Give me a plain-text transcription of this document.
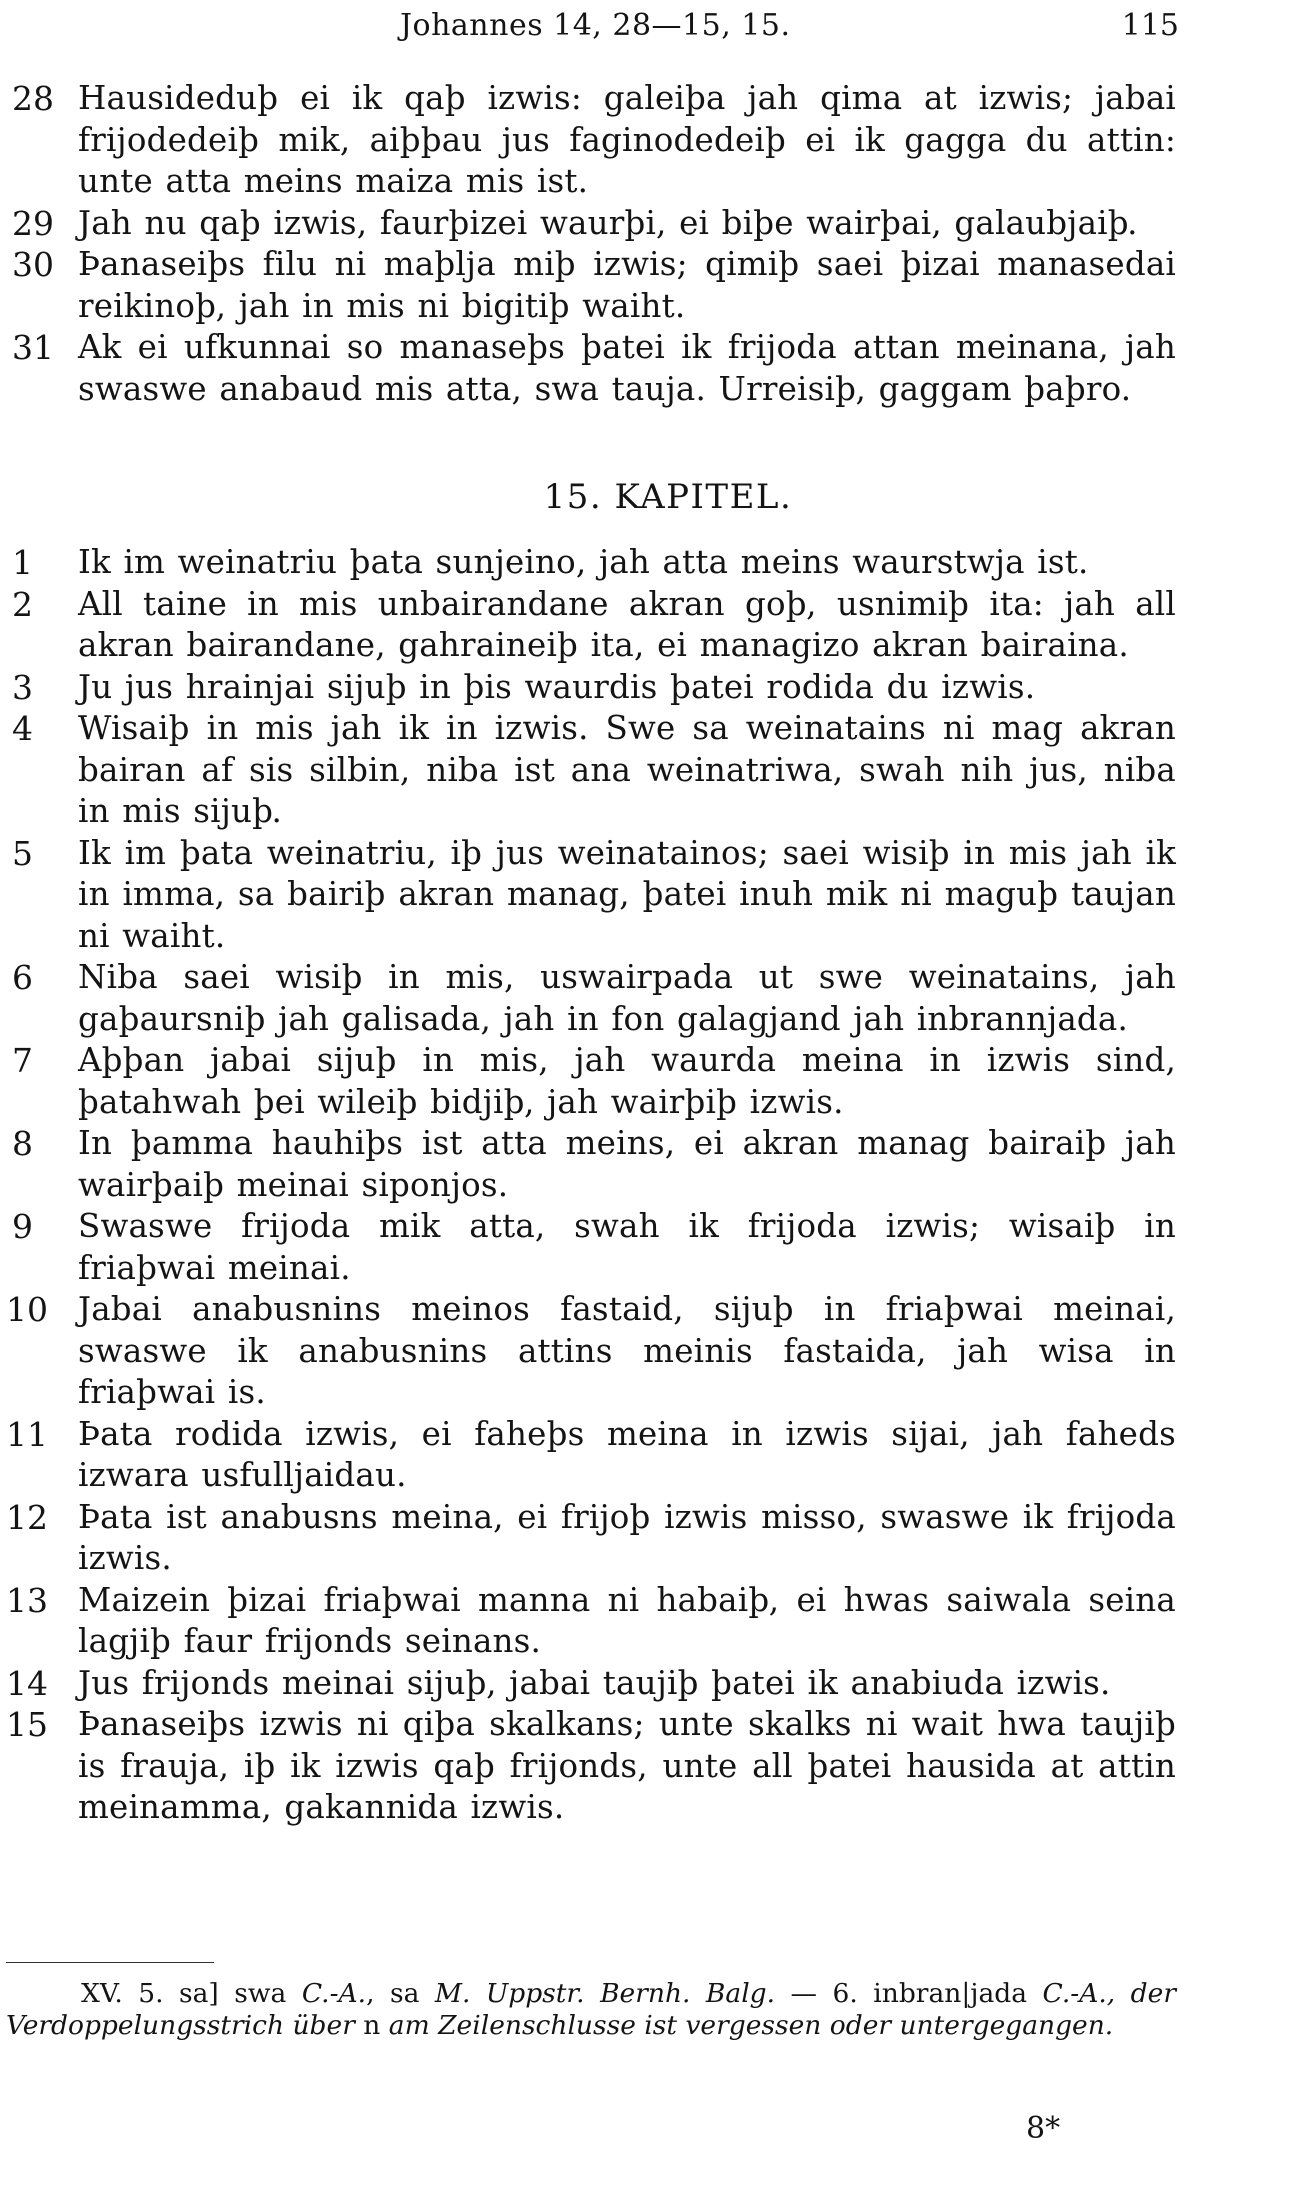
Johannes 14, 28—15, 15.	115
28 Hausideduþ ei ik qaþ izwis: galeiþa jah qima at izwis; jabai frijodedeiþ mik, aiþþau jus faginodedeiþ ei ik gagga du attin: unte atta meins maiza mis ist.
29 Jah nu qaþ izwis, faurþizei waurþi, ei biþe wairþai, galaubjaiþ.
30 Þanaseiþs filu ni maþlja miþ izwis; qimiþ saei þizai manasedai reikinoþ, jah in mis ni bigitiþ waiht.
31 Ak ei ufkunnai so manaseþs þatei ik frijoda attan meinana, jah swaswe anabaud mis atta, swa tauja. Urreisiþ, gaggam þaþro.
15. KAPITEL.
1	Ik im weinatriu þata sunjeino, jah atta meins waurstwja ist.
2	All taine in mis unbairandane akran goþ, usnimiþ ita: jah all akran bairandane, gahraineiþ ita, ei managizo akran bairaina.
3	Ju jus hrainjai sijuþ in þis waurdis þatei rodida du izwis.
4	Wisaiþ in mis jah ik in izwis. Swe sa weinatains ni mag akran bairan af sis silbin, niba ist ana weinatriwa, swah nih jus, niba in mis sijuþ.
5	Ik im þata weinatriu, iþ jus weinatainos; saei wisiþ in mis jah ik in imma, sa bairiþ akran manag, þatei inuh mik ni maguþ taujan ni waiht.
6	Niba saei wisiþ in mis, uswairpada ut swe weinatains, jah gaþaursniþ jah galisada, jah in fon galagjand jah inbrannjada.
7	Aþþan jabai sijuþ in mis, jah waurda meina in izwis sind, þatahwah þei wileiþ bidjiþ, jah wairþiþ izwis.
8	In þamma hauhiþs ist atta meins, ei akran manag bairaiþ jah wairþaiþ meinai siponjos.
9	Swaswe frijoda mik atta, swah ik frijoda izwis; wisaiþ in friaþwai meinai.
10 Jabai anabusnins meinos fastaid, sijuþ in friaþwai meinai, swaswe ik anabusnins attins meinis fastaida, jah wisa in friaþwai is.
11 Þata rodida izwis, ei faheþs meina in izwis sijai, jah faheds izwara usfulljaidau.
12 Þata ist anabusns meina, ei frijoþ izwis misso, swaswe ik frijoda izwis.
13 Maizein þizai friaþwai manna ni habaiþ, ei hwas saiwala seina lagjiþ faur frijonds seinans.
14 Jus frijonds meinai sijuþ, jabai taujiþ þatei ik anabiuda izwis.
15 Þanaseiþs izwis ni qiþa skalkans; unte skalks ni wait hwa taujiþ is frauja, iþ ik izwis qaþ frijonds, unte all þatei hausida at attin meinamma, gakannida izwis.
XV. 5. sa] swa C.-A., sa M. Uppstr. Bernh. Balg. — 6. inbran|jada C.-A., der Verdoppelungsstrich über n am Zeilenschlusse ist vergessen oder untergegangen.
8*
